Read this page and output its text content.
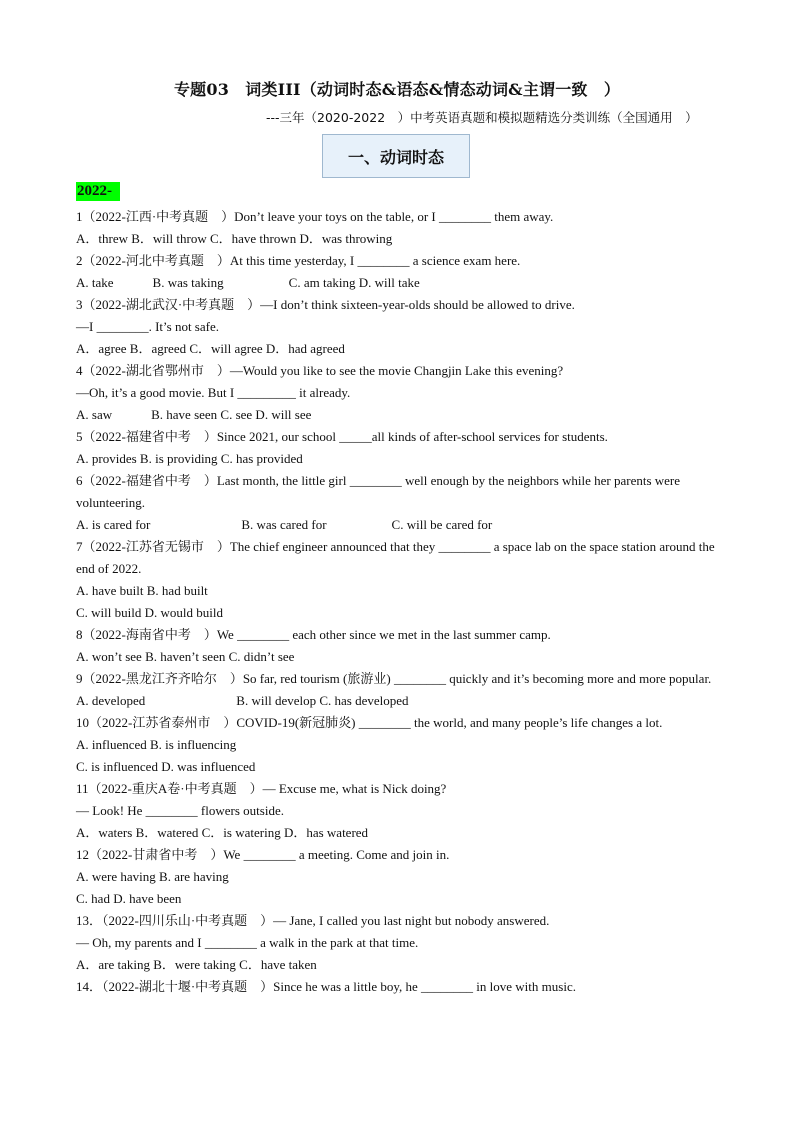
专题03　词类III（动词时态&语态&情态动词&主谓一致　）
---三年（2020-2022　）中考英语真题和模拟题精选分类训练（全国通用　）
一、动词时态
2022-
1（2022-江西·中考真题　）Don’t leave your toys on the table, or I ________ them away.
A．threw B．will throw C．have thrown D．was throwing
2（2022-河北中考真题　）At this time yesterday, I ________ a science exam here.
A. take　　　B. was taking　　　　　C. am taking D. will take
3（2022-湖北武汉·中考真题　）—I don’t think sixteen-year-olds should be allowed to drive.
—I ________. It’s not safe.
A．agree B．agreed C．will agree D．had agreed
4（2022-湖北省鄂州市　）—Would you like to see the movie Changjin Lake this evening?
—Oh, it’s a good movie. But I _________ it already.
A. saw　　　B. have seen C. see D. will see
5（2022-福建省中考　）Since 2021, our school _____all kinds of after-school services for students.
A. provides B. is providing C. has provided
6（2022-福建省中考　）Last month, the little girl ________ well enough by the neighbors while her parents were volunteering.
A. is cared for　　　　　　　B. was cared for　　　　　C. will be cared for
7（2022-江苏省无锡市　）The chief engineer announced that they ________ a space lab on the space station around the end of 2022.
A. have built B. had built
C. will build D. would build
8（2022-海南省中考　）We ________ each other since we met in the last summer camp.
A. won’t see B. haven’t seen C. didn’t see
9（2022-黑龙江齐齐哈尔　）So far, red tourism (旅游业) ________ quickly and it’s becoming more and more popular.
A. developed　　　　　　　B. will develop C. has developed
10（2022-江苏省泰州市　）COVID-19(新冠肺炎) ________ the world, and many people’s life changes a lot.
A. influenced B. is influencing
C. is influenced D. was influenced
11（2022-重庆A卷·中考真题　）— Excuse me, what is Nick doing?
— Look! He ________ flowers outside.
A．waters B．watered C．is watering D．has watered
12（2022-甘肃省中考　）We ________ a meeting. Come and join in.
A. were having B. are having
C. had D. have been
13．（2022-四川乐山·中考真题　）— Jane, I called you last night but nobody answered.
— Oh, my parents and I ________ a walk in the park at that time.
A．are taking B．were taking C．have taken
14．（2022-湖北十堰·中考真题　）Since he was a little boy, he ________ in love with music.
